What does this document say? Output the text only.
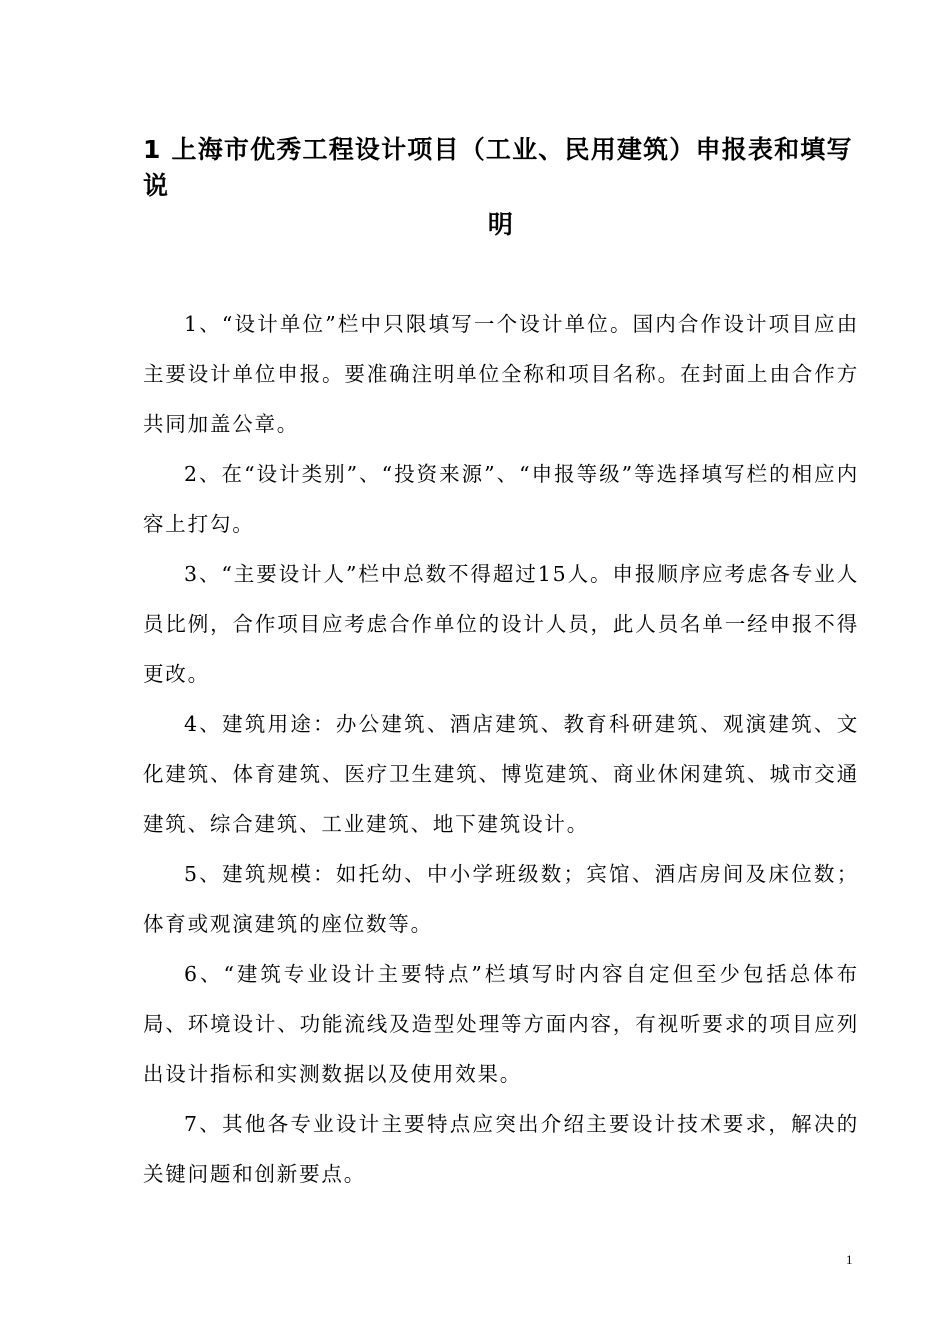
1 上海市优秀工程设计项目（工业、民用建筑）申报表和填写说
明

1、“设计单位”栏中只限填写一个设计单位。国内合作设计项目应由主要设计单位申报。要准确注明单位全称和项目名称。在封面上由合作方共同加盖公章。

2、在“设计类别”、“投资来源”、“申报等级”等选择填写栏的相应内容上打勾。

3、“主要设计人”栏中总数不得超过15人。申报顺序应考虑各专业人员比例，合作项目应考虑合作单位的设计人员，此人员名单一经申报不得更改。

4、建筑用途：办公建筑、酒店建筑、教育科研建筑、观演建筑、文化建筑、体育建筑、医疗卫生建筑、博览建筑、商业休闲建筑、城市交通建筑、综合建筑、工业建筑、地下建筑设计。

5、建筑规模：如托幼、中小学班级数；宾馆、酒店房间及床位数；体育或观演建筑的座位数等。

6、“建筑专业设计主要特点”栏填写时内容自定但至少包括总体布局、环境设计、功能流线及造型处理等方面内容，有视听要求的项目应列出设计指标和实测数据以及使用效果。

7、其他各专业设计主要特点应突出介绍主要设计技术要求，解决的关键问题和创新要点。

1
